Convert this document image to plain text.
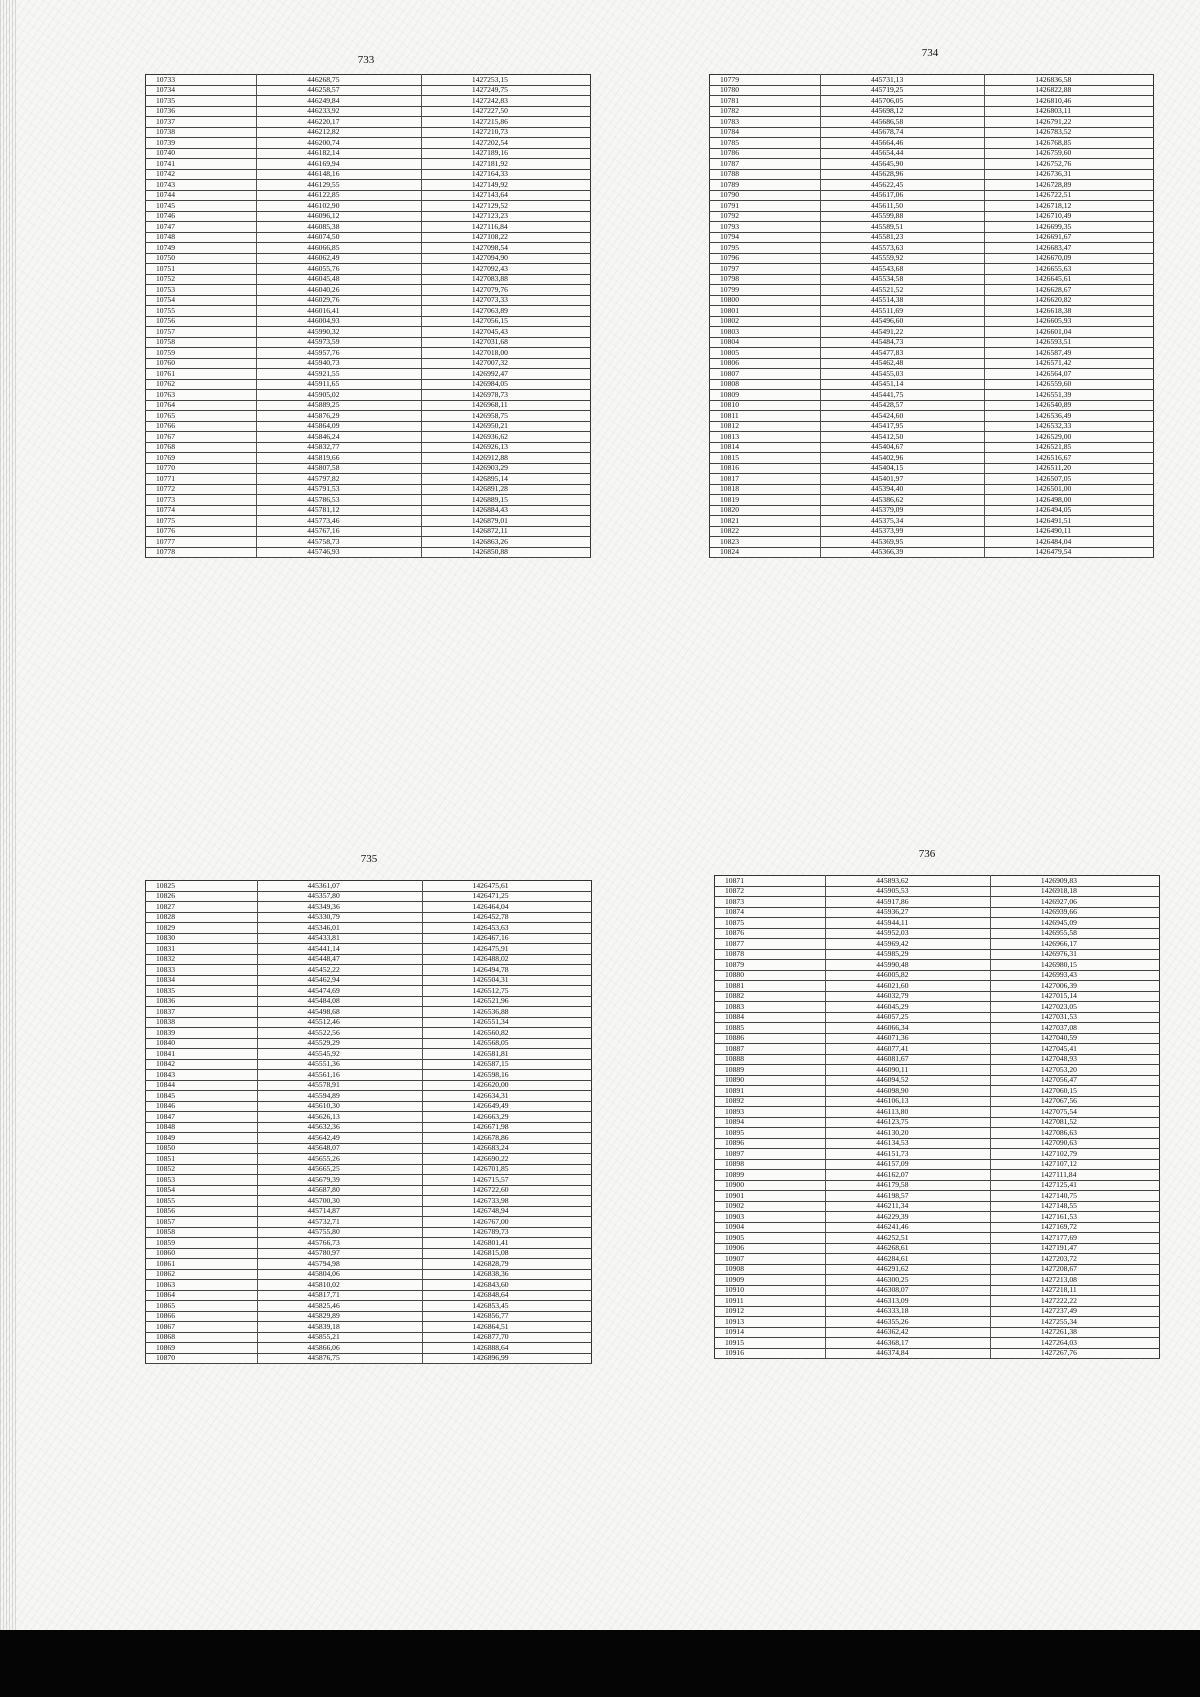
733
10733	446268,75	1427253,15
10734	446258,57	1427249,75
10735	446249,84	1427242,83
10736	446233,92	1427227,50
10737	446220,17	1427215,86
10738	446212,82	1427210,73
10739	446200,74	1427202,54
10740	446182,14	1427189,16
10741	446169,94	1427181,92
10742	446148,16	1427164,33
10743	446129,55	1427149,92
10744	446122,85	1427143,64
10745	446102,90	1427129,52
10746	446096,12	1427123,23
10747	446085,38	1427116,84
10748	446074,50	1427108,22
10749	446066,85	1427098,54
10750	446062,49	1427094,90
10751	446055,76	1427092,43
10752	446045,48	1427083,88
10753	446040,26	1427079,76
10754	446029,76	1427073,33
10755	446016,41	1427063,89
10756	446004,93	1427056,15
10757	445990,32	1427045,43
10758	445973,59	1427031,68
10759	445957,76	1427018,00
10760	445940,73	1427007,32
10761	445921,55	1426992,47
10762	445911,65	1426984,05
10763	445905,02	1426978,73
10764	445889,25	1426968,11
10765	445876,29	1426958,75
10766	445864,09	1426950,21
10767	445846,24	1426936,62
10768	445832,77	1426926,13
10769	445819,66	1426912,88
10770	445807,58	1426903,29
10771	445797,82	1426895,14
10772	445791,53	1426891,28
10773	445786,53	1426889,15
10774	445781,12	1426884,43
10775	445773,46	1426879,01
10776	445767,16	1426872,11
10777	445758,73	1426863,26
10778	445746,93	1426850,88
734
10779	445731,13	1426836,58
10780	445719,25	1426822,88
10781	445706,05	1426810,46
10782	445698,12	1426803,11
10783	445686,58	1426791,22
10784	445678,74	1426783,52
10785	445664,46	1426768,85
10786	445654,44	1426759,60
10787	445645,90	1426752,76
10788	445628,96	1426736,31
10789	445622,45	1426728,89
10790	445617,06	1426722,51
10791	445611,50	1426718,12
10792	445599,88	1426710,49
10793	445589,51	1426699,35
10794	445581,23	1426691,67
10795	445573,63	1426683,47
10796	445559,92	1426670,09
10797	445543,68	1426655,63
10798	445534,58	1426645,61
10799	445521,52	1426628,67
10800	445514,38	1426620,82
10801	445511,69	1426618,38
10802	445496,60	1426605,93
10803	445491,22	1426601,04
10804	445484,73	1426593,51
10805	445477,83	1426587,49
10806	445462,48	1426571,42
10807	445455,03	1426564,07
10808	445451,14	1426559,60
10809	445441,75	1426551,39
10810	445428,57	1426540,89
10811	445424,60	1426536,49
10812	445417,95	1426532,33
10813	445412,50	1426529,00
10814	445404,67	1426521,85
10815	445402,96	1426516,67
10816	445404,15	1426511,20
10817	445401,97	1426507,05
10818	445394,40	1426501,00
10819	445386,62	1426498,00
10820	445379,09	1426494,05
10821	445375,34	1426491,51
10822	445373,99	1426490,11
10823	445369,95	1426484,04
10824	445366,39	1426479,54
735
10825	445361,07	1426475,61
10826	445357,80	1426471,25
10827	445349,36	1426464,04
10828	445330,79	1426452,78
10829	445346,01	1426453,63
10830	445433,81	1426467,16
10831	445441,14	1426475,91
10832	445448,47	1426488,02
10833	445452,22	1426494,78
10834	445462,94	1426504,31
10835	445474,69	1426512,75
10836	445484,08	1426521,96
10837	445498,68	1426536,88
10838	445512,46	1426551,34
10839	445522,56	1426560,82
10840	445529,29	1426568,05
10841	445545,92	1426581,81
10842	445551,36	1426587,15
10843	445561,16	1426598,16
10844	445578,91	1426620,00
10845	445594,89	1426634,31
10846	445610,30	1426649,49
10847	445626,13	1426663,29
10848	445632,36	1426671,98
10849	445642,49	1426678,86
10850	445648,07	1426683,24
10851	445655,26	1426690,22
10852	445665,25	1426701,85
10853	445679,39	1426715,57
10854	445687,80	1426722,60
10855	445700,30	1426733,98
10856	445714,87	1426748,94
10857	445732,71	1426767,00
10858	445755,80	1426789,73
10859	445766,73	1426801,41
10860	445780,97	1426815,08
10861	445794,98	1426828,79
10862	445804,06	1426838,36
10863	445810,02	1426843,60
10864	445817,71	1426848,64
10865	445825,46	1426853,45
10866	445829,89	1426856,77
10867	445839,18	1426864,51
10868	445855,21	1426877,70
10869	445866,06	1426888,64
10870	445876,75	1426896,99
736
10871	445893,62	1426909,83
10872	445905,53	1426918,18
10873	445917,86	1426927,06
10874	445936,27	1426939,66
10875	445944,11	1426945,09
10876	445952,03	1426955,58
10877	445969,42	1426966,17
10878	445985,29	1426976,31
10879	445990,48	1426980,15
10880	446005,82	1426993,43
10881	446021,60	1427006,39
10882	446032,79	1427015,14
10883	446045,29	1427023,05
10884	446057,25	1427031,53
10885	446066,34	1427037,08
10886	446071,36	1427040,59
10887	446077,41	1427045,41
10888	446081,67	1427048,93
10889	446090,11	1427053,20
10890	446094,52	1427056,47
10891	446098,90	1427060,15
10892	446106,13	1427067,56
10893	446113,80	1427075,54
10894	446123,75	1427081,52
10895	446130,20	1427086,63
10896	446134,53	1427090,63
10897	446151,73	1427102,79
10898	446157,09	1427107,12
10899	446162,07	1427111,84
10900	446179,58	1427125,41
10901	446198,57	1427140,75
10902	446211,34	1427148,55
10903	446229,39	1427161,53
10904	446241,46	1427169,72
10905	446252,51	1427177,69
10906	446268,61	1427191,47
10907	446284,61	1427203,72
10908	446291,62	1427208,67
10909	446300,25	1427213,08
10910	446308,07	1427218,11
10911	446313,09	1427222,22
10912	446333,18	1427237,49
10913	446355,26	1427255,34
10914	446362,42	1427261,38
10915	446368,17	1427264,03
10916	446374,84	1427267,76
